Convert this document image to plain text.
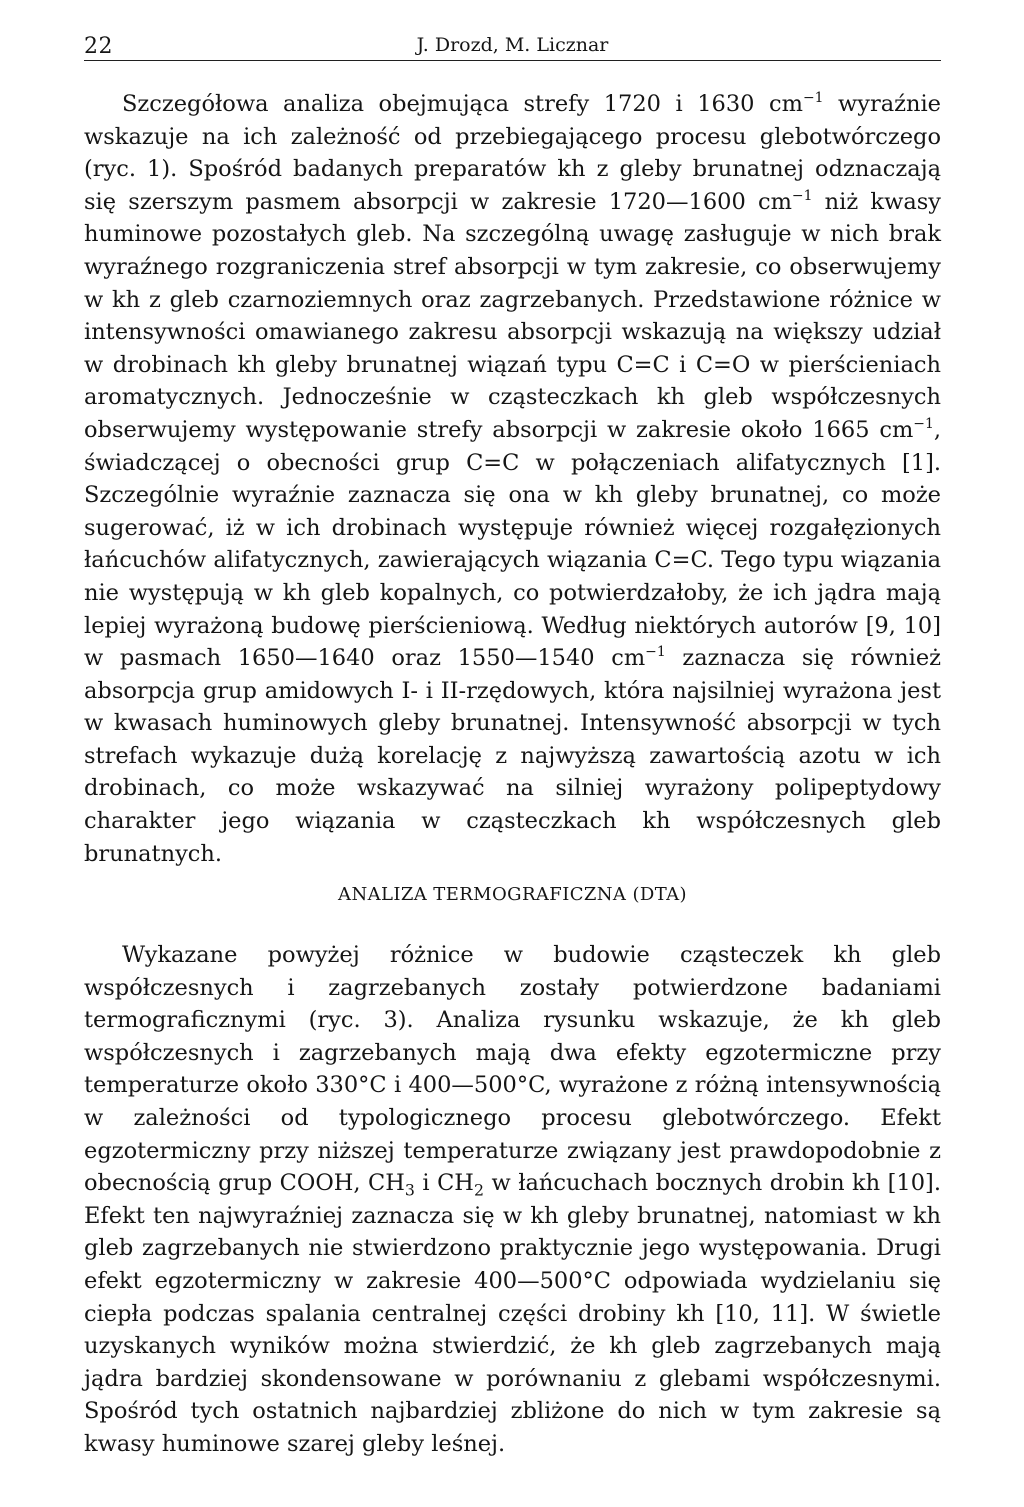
22	J. Drozd, M. Licznar

Szczegółowa analiza obejmująca strefy 1720 i 1630 $cm^{-1}$ wyraźnie wskazuje na ich zależność od przebiegającego procesu glebotwórczego (ryc. 1). Spośród badanych preparatów kh z gleby brunatnej odznaczają się szerszym pasmem absorpcji w zakresie 1720—1600 $cm^{-1}$ niż kwasy huminowe pozostałych gleb. Na szczególną uwagę zasługuje w nich brak wyraźnego rozgraniczenia stref absorpcji w tym zakresie, co obserwujemy w kh z gleb czarnoziemnych oraz zagrzebanych. Przedstawione różnice w intensywności omawianego zakresu absorpcji wskazują na większy udział w drobinach kh gleby brunatnej wiązań typu C=C i C=O w pierścieniach aromatycznych. Jednocześnie w cząsteczkach kh gleb współczesnych obserwujemy występowanie strefy absorpcji w zakresie około 1665 $cm^{-1}$, świadczącej o obecności grup C=C w połączeniach alifatycznych [1]. Szczególnie wyraźnie zaznacza się ona w kh gleby brunatnej, co może sugerować, iż w ich drobinach występuje również więcej rozgałęzionych łańcuchów alifatycznych, zawierających wiązania C=C. Tego typu wiązania nie występują w kh gleb kopalnych, co potwierdzałoby, że ich jądra mają lepiej wyrażoną budowę pierścieniową. Według niektórych autorów [9, 10] w pasmach 1650—1640 oraz 1550—1540 $cm^{-1}$ zaznacza się również absorpcja grup amidowych I- i II-rzędowych, która najsilniej wyrażona jest w kwasach huminowych gleby brunatnej. Intensywność absorpcji w tych strefach wykazuje dużą korelację z najwyższą zawartością azotu w ich drobinach, co może wskazywać na silniej wyrażony polipeptydowy charakter jego wiązania w cząsteczkach kh współczesnych gleb brunatnych.

ANALIZA TERMOGRAFICZNA (DTA)

Wykazane powyżej różnice w budowie cząsteczek kh gleb współczesnych i zagrzebanych zostały potwierdzone badaniami termograficznymi (ryc. 3). Analiza rysunku wskazuje, że kh gleb współczesnych i zagrzebanych mają dwa efekty egzotermiczne przy temperaturze około 330°C i 400—500°C, wyrażone z różną intensywnością w zależności od typologicznego procesu glebotwórczego. Efekt egzotermiczny przy niższej temperaturze związany jest prawdopodobnie z obecnością grup COOH, $CH_3$ i $CH_2$ w łańcuchach bocznych drobin kh [10]. Efekt ten najwyraźniej zaznacza się w kh gleby brunatnej, natomiast w kh gleb zagrzebanych nie stwierdzono praktycznie jego występowania. Drugi efekt egzotermiczny w zakresie 400—500°C odpowiada wydzielaniu się ciepła podczas spalania centralnej części drobiny kh [10, 11]. W świetle uzyskanych wyników można stwierdzić, że kh gleb zagrzebanych mają jądra bardziej skondensowane w porównaniu z glebami współczesnymi. Spośród tych ostatnich najbardziej zbliżone do nich w tym zakresie są kwasy huminowe szarej gleby leśnej.
